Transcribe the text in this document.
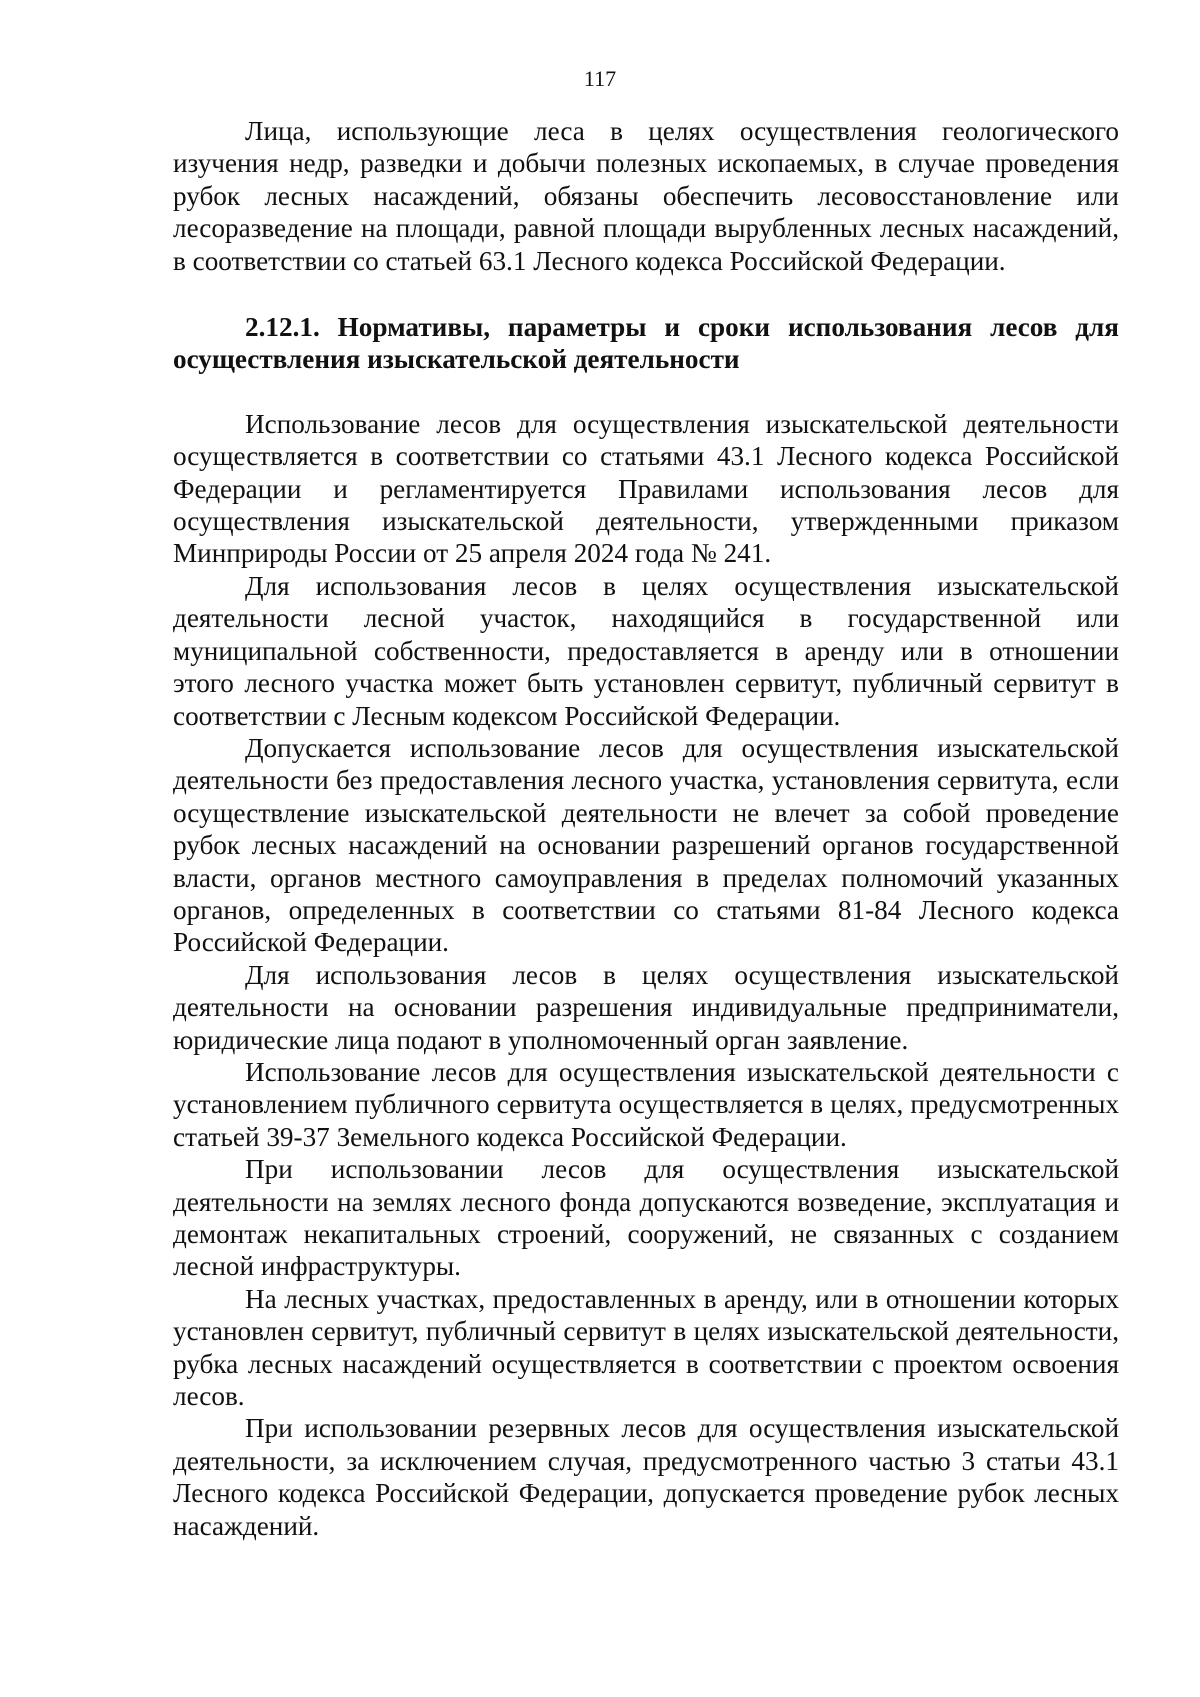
117

Лица, использующие леса в целях осуществления геологического изучения недр, разведки и добычи полезных ископаемых, в случае проведения рубок лесных насаждений, обязаны обеспечить лесовосстановление или лесоразведение на площади, равной площади вырубленных лесных насаждений, в соответствии со статьей 63.1 Лесного кодекса Российской Федерации.

2.12.1. Нормативы, параметры и сроки использования лесов для осуществления изыскательской деятельности

Использование лесов для осуществления изыскательской деятельности осуществляется в соответствии со статьями 43.1 Лесного кодекса Российской Федерации и регламентируется Правилами использования лесов для осуществления изыскательской деятельности, утвержденными приказом Минприроды России от 25 апреля 2024 года № 241.

Для использования лесов в целях осуществления изыскательской деятельности лесной участок, находящийся в государственной или муниципальной собственности, предоставляется в аренду или в отношении этого лесного участка может быть установлен сервитут, публичный сервитут в соответствии с Лесным кодексом Российской Федерации.

Допускается использование лесов для осуществления изыскательской деятельности без предоставления лесного участка, установления сервитута, если осуществление изыскательской деятельности не влечет за собой проведение рубок лесных насаждений на основании разрешений органов государственной власти, органов местного самоуправления в пределах полномочий указанных органов, определенных в соответствии со статьями 81-84 Лесного кодекса Российской Федерации.

Для использования лесов в целях осуществления изыскательской деятельности на основании разрешения индивидуальные предприниматели, юридические лица подают в уполномоченный орган заявление.

Использование лесов для осуществления изыскательской деятельности с установлением публичного сервитута осуществляется в целях, предусмотренных статьей 39-37 Земельного кодекса Российской Федерации.

При использовании лесов для осуществления изыскательской деятельности на землях лесного фонда допускаются возведение, эксплуатация и демонтаж некапитальных строений, сооружений, не связанных с созданием лесной инфраструктуры.

На лесных участках, предоставленных в аренду, или в отношении которых установлен сервитут, публичный сервитут в целях изыскательской деятельности, рубка лесных насаждений осуществляется в соответствии с проектом освоения лесов.

При использовании резервных лесов для осуществления изыскательской деятельности, за исключением случая, предусмотренного частью 3 статьи 43.1 Лесного кодекса Российской Федерации, допускается проведение рубок лесных насаждений.
